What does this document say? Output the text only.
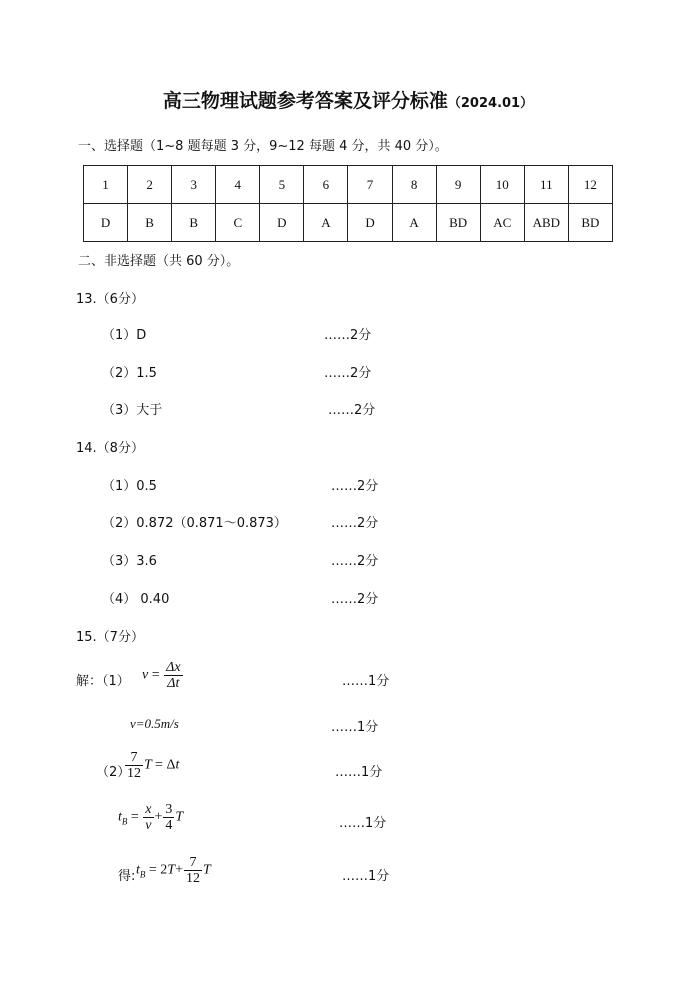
高三物理试题参考答案及评分标准（2024.01）
一、选择题（1~8 题每题 3 分，9~12 每题 4 分，共 40 分）。
1	2	3	4	5	6	7	8	9	10	11	12
D	B	B	C	D	A	D	A	BD	AC	ABD	BD
二、非选择题（共 60 分）。
13.（6分）
（1）D	……2分
（2）1.5	……2分
（3）大于	……2分
14.（8分）
（1）0.5	……2分
（2）0.872（0.871～0.873）	……2分
（3）3.6	……2分
（4） 0.40	……2分
15.（7分）
解：（1） $v = \frac{\Delta x}{\Delta t}$	……1分
v=0.5m/s	……1分
（2）
$\frac{7}{12}$ T = Δt	……1分
$t_B = \frac{x}{v} + \frac{3}{4}$ T	……1分
得: $t_B = 2T+ \frac{7}{12}$ T	……1分
